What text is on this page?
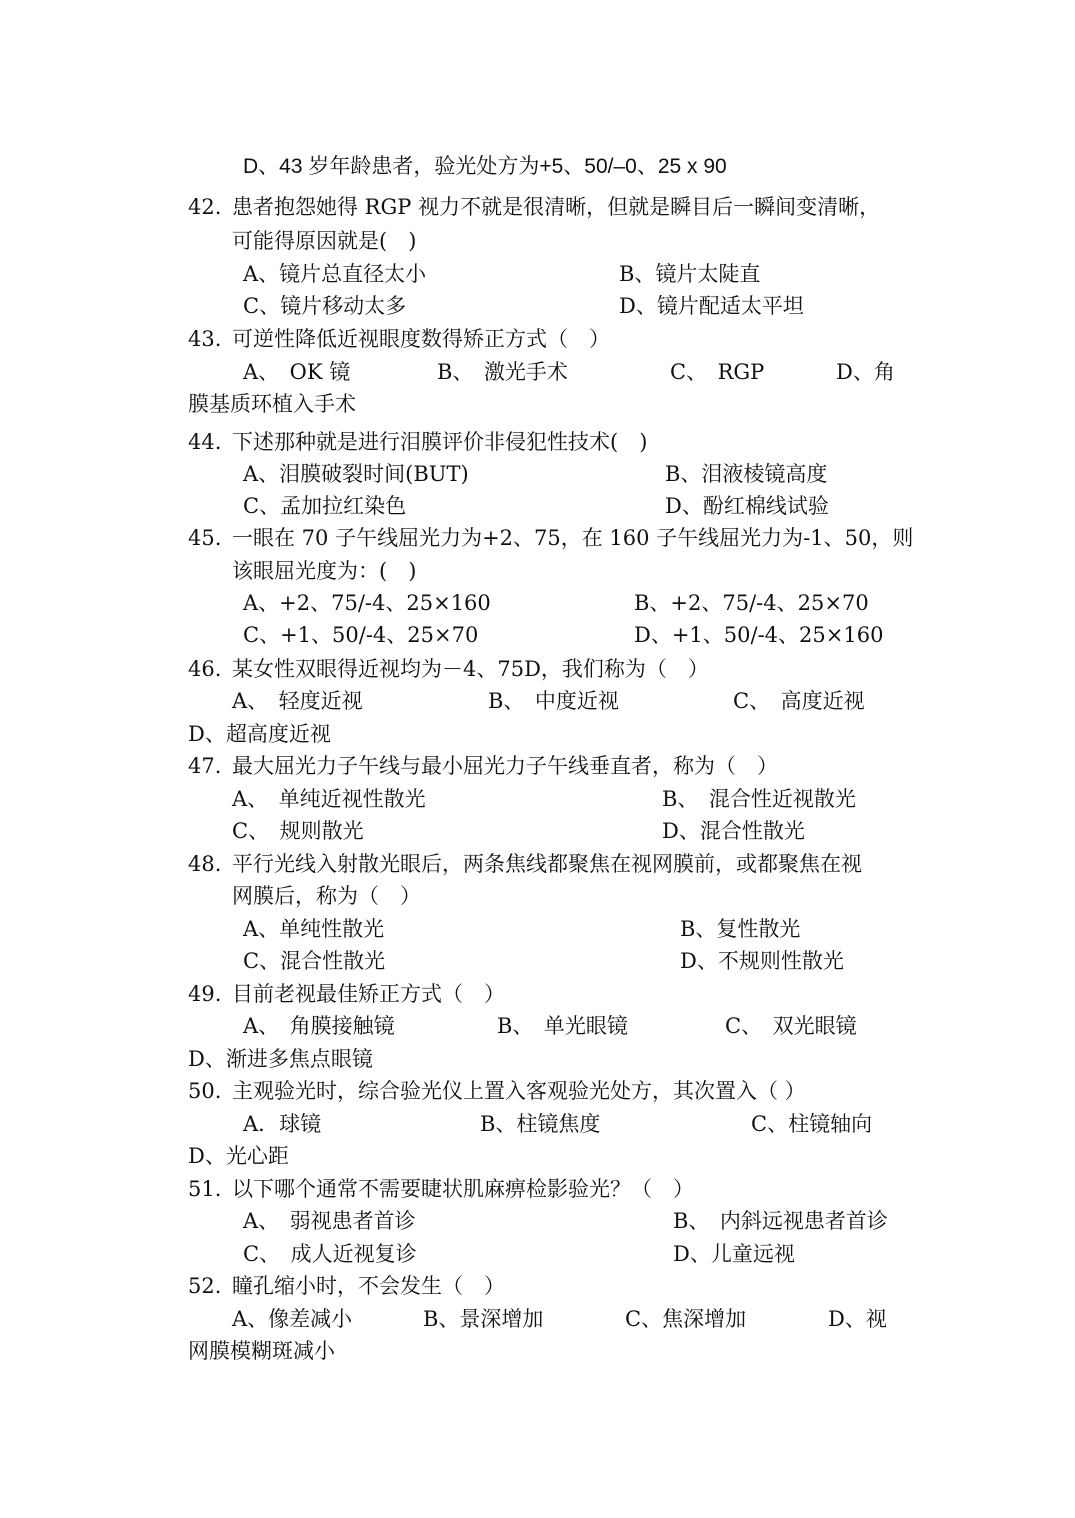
D、43 岁年龄患者，验光处方为+5、50/–0、25 x 90
42. 患者抱怨她得 RGP 视力不就是很清晰，但就是瞬目后一瞬间变清晰，
可能得原因就是(　)
A、镜片总直径太小	B、镜片太陡直
C、镜片移动太多	D、镜片配适太平坦
43. 可逆性降低近视眼度数得矫正方式（　）
A、　OK 镜	B、　激光手术	C、　RGP	D、角
膜基质环植入手术
44. 下述那种就是进行泪膜评价非侵犯性技术(　)
A、泪膜破裂时间(BUT)	B、泪液棱镜高度
C、孟加拉红染色	D、酚红棉线试验
45. 一眼在 70 子午线屈光力为+2、75，在 160 子午线屈光力为-1、50，则
该眼屈光度为：(　)
A、+2、75/-4、25×160	B、+2、75/-4、25×70
C、+1、50/-4、25×70	D、+1、50/-4、25×160
46. 某女性双眼得近视均为－4、75D，我们称为（　）
A、　轻度近视	B、　中度近视	C、　高度近视
D、超高度近视
47. 最大屈光力子午线与最小屈光力子午线垂直者，称为（　）
A、　单纯近视性散光	B、　混合性近视散光
C、　规则散光	D、混合性散光
48. 平行光线入射散光眼后，两条焦线都聚焦在视网膜前，或都聚焦在视
网膜后，称为（　）
A、单纯性散光	B、复性散光
C、混合性散光	D、不规则性散光
49. 目前老视最佳矫正方式（　）
A、　角膜接触镜	B、　单光眼镜	C、　双光眼镜
D、渐进多焦点眼镜
50. 主观验光时，综合验光仪上置入客观验光处方，其次置入（ ）
A．球镜	B、柱镜焦度	C、柱镜轴向
D、光心距
51. 以下哪个通常不需要睫状肌麻痹检影验光？（　）
A、　弱视患者首诊	B、　内斜远视患者首诊
C、　成人近视复诊	D、儿童远视
52. 瞳孔缩小时，不会发生（　）
A、像差减小	B、景深增加	C、焦深增加	D、视
网膜模糊斑减小
